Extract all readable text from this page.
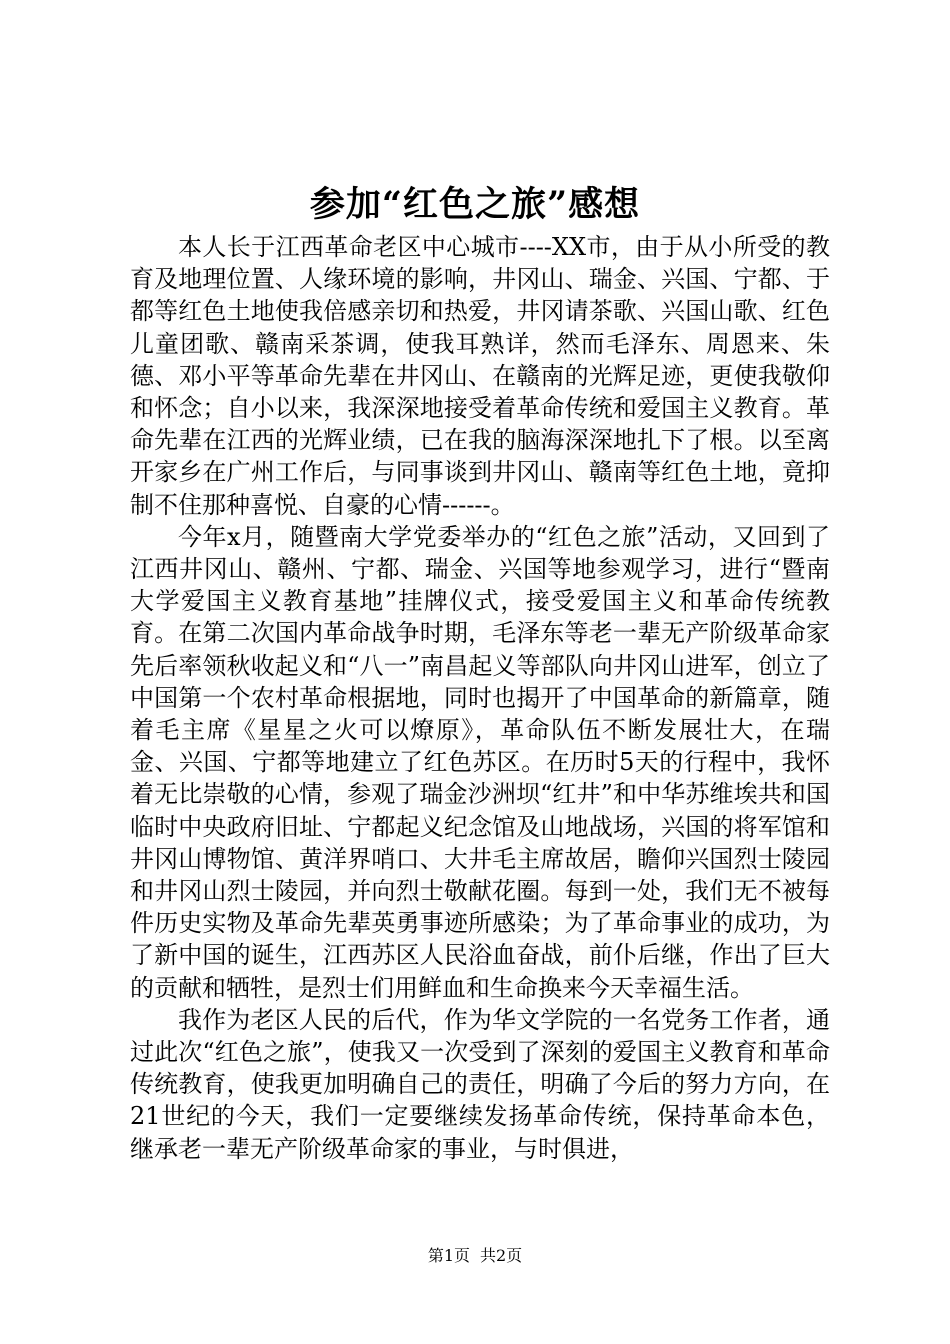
参加“红色之旅”感想

本人长于江西革命老区中心城市----XX市，由于从小所受的教育及地理位置、人缘环境的影响，井冈山、瑞金、兴国、宁都、于都等红色土地使我倍感亲切和热爱，井冈请茶歌、兴国山歌、红色儿童团歌、赣南采茶调，使我耳熟详，然而毛泽东、周恩来、朱德、邓小平等革命先辈在井冈山、在赣南的光辉足迹，更使我敬仰和怀念；自小以来，我深深地接受着革命传统和爱国主义教育。革命先辈在江西的光辉业绩，已在我的脑海深深地扎下了根。以至离开家乡在广州工作后，与同事谈到井冈山、赣南等红色土地，竟抑制不住那种喜悦、自豪的心情------。

今年x月，随暨南大学党委举办的“红色之旅”活动，又回到了江西井冈山、赣州、宁都、瑞金、兴国等地参观学习，进行“暨南大学爱国主义教育基地”挂牌仪式，接受爱国主义和革命传统教育。在第二次国内革命战争时期，毛泽东等老一辈无产阶级革命家先后率领秋收起义和“八一”南昌起义等部队向井冈山进军，创立了中国第一个农村革命根据地，同时也揭开了中国革命的新篇章，随着毛主席《星星之火可以燎原》，革命队伍不断发展壮大，在瑞金、兴国、宁都等地建立了红色苏区。在历时5天的行程中，我怀着无比崇敬的心情，参观了瑞金沙洲坝“红井”和中华苏维埃共和国临时中央政府旧址、宁都起义纪念馆及山地战场，兴国的将军馆和井冈山博物馆、黄洋界哨口、大井毛主席故居，瞻仰兴国烈士陵园和井冈山烈士陵园，并向烈士敬献花圈。每到一处，我们无不被每件历史实物及革命先辈英勇事迹所感染；为了革命事业的成功，为了新中国的诞生，江西苏区人民浴血奋战，前仆后继，作出了巨大的贡献和牺牲，是烈士们用鲜血和生命换来今天幸福生活。

我作为老区人民的后代，作为华文学院的一名党务工作者，通过此次“红色之旅”，使我又一次受到了深刻的爱国主义教育和革命传统教育，使我更加明确自己的责任，明确了今后的努力方向，在21世纪的今天，我们一定要继续发扬革命传统，保持革命本色，继承老一辈无产阶级革命家的事业，与时俱进，

第1页 共2页
